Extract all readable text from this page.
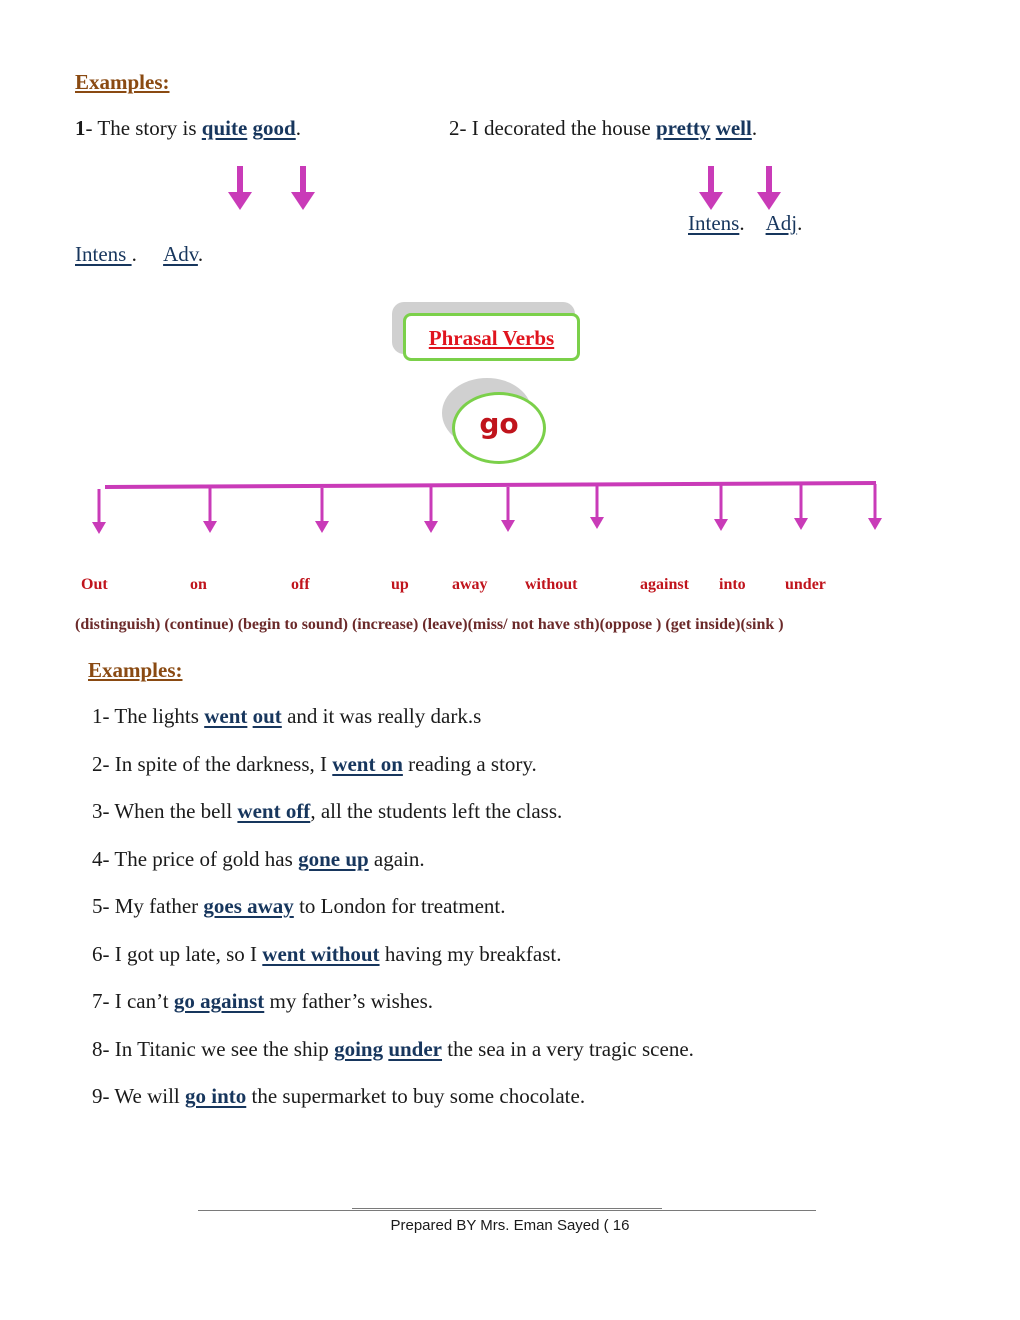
Examples:
1- The story is quite good.	2- I decorated the house pretty well.
Intens.    Adj.
Intens .     Adv.
Phrasal Verbs
go
Out	on	off	up	away without	against into under
(distinguish) (continue) (begin to sound) (increase) (leave)(miss/ not have sth)(oppose ) (get inside)(sink )
Examples:
1- The lights went out and it was really dark.s
2- In spite of the darkness, I went on reading a story.
3- When the bell went off, all the students left the class.
4- The price of gold has gone up again.
5- My father goes away to London for treatment.
6- I got up late, so I went without having my breakfast.
7- I can’t go against my father’s wishes.
8- In Titanic we see the ship going under the sea in a very tragic scene.
9- We will go into the supermarket to buy some chocolate.
Prepared BY Mrs. Eman Sayed ( 16
